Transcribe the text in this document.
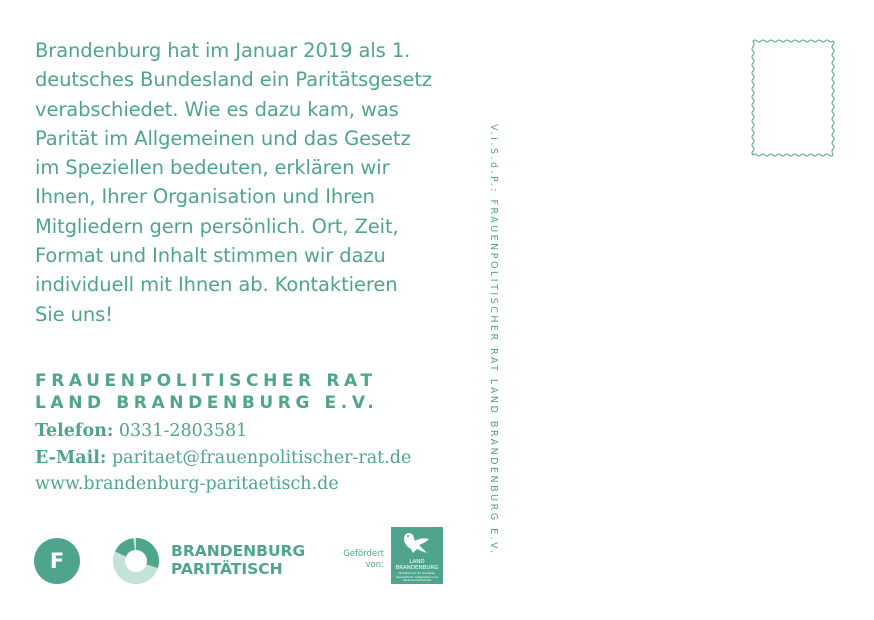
Brandenburg hat im Januar 2019 als 1.
deutsches Bundesland ein Paritätsgesetz
verabschiedet. Wie es dazu kam, was
Parität im Allgemeinen und das Gesetz
im Speziellen bedeuten, erklären wir
Ihnen, Ihrer Organisation und Ihren
Mitgliedern gern persönlich. Ort, Zeit,
Format und Inhalt stimmen wir dazu
individuell mit Ihnen ab. Kontaktieren
Sie uns!

FRAUENPOLITISCHER RAT
LAND BRANDENBURG E.V.
Telefon: 0331-2803581
E-Mail: paritaet@frauenpolitischer-rat.de
www.brandenburg-paritaetisch.de	V.i.S.d.P.: FRAUENPOLITISCHER RAT LAND BRANDENBURG E.V.
F	BRANDENBURG
PARITÄTISCH
Gefördert
von:	LAND
BRANDENBURG
Ministerium für Soziales, Gesundheit, Integration und Verbraucherschutz
